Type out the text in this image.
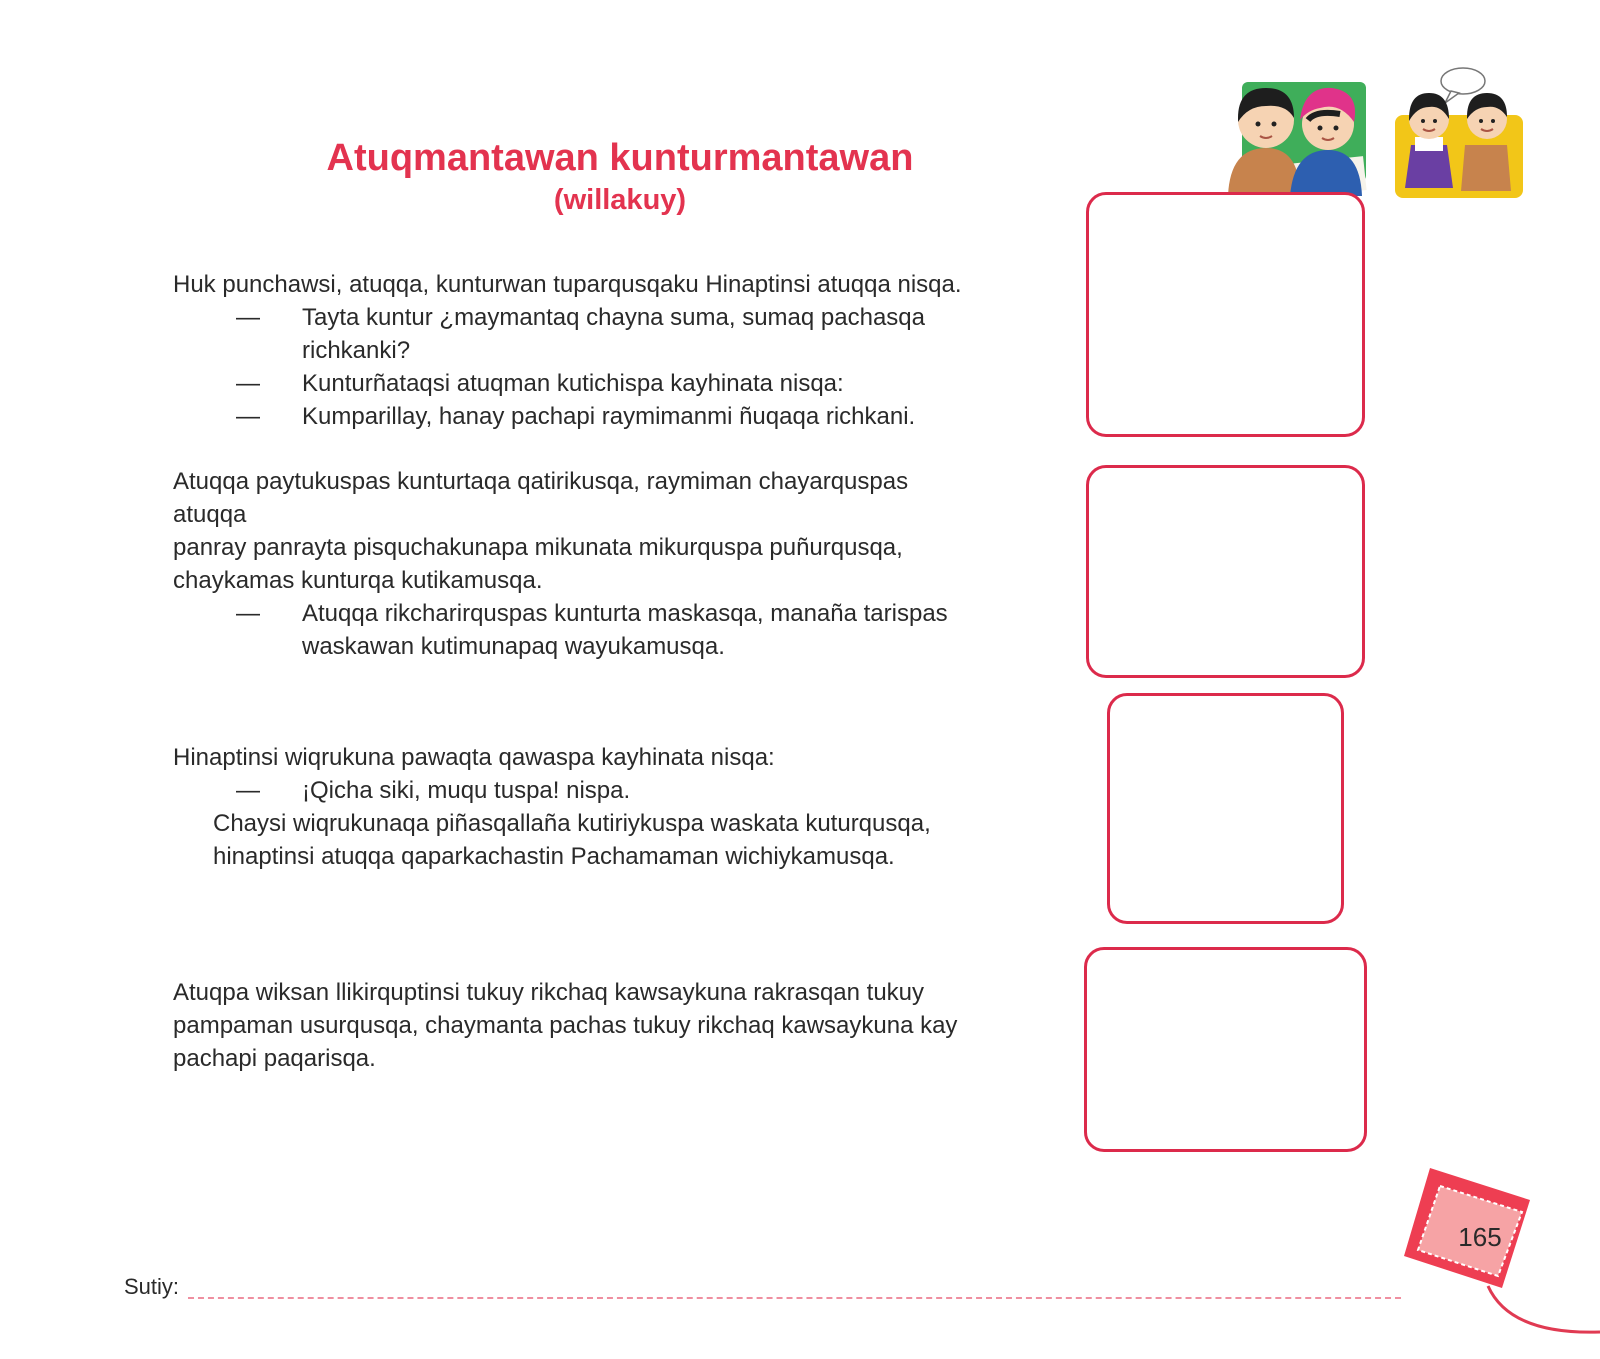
Atuqmantawan kunturmantawan
(willakuy)
Huk punchawsi, atuqqa, kunturwan tuparqusqaku Hinaptinsi atuqqa nisqa.
—	Tayta kuntur ¿maymantaq chayna suma, sumaq pachasqa
richkanki?
—	Kunturñataqsi atuqman kutichispa kayhinata nisqa:
—	Kumparillay, hanay pachapi raymimanmi ñuqaqa richkani.
Atuqqa paytukuspas kunturtaqa qatirikusqa, raymiman chayarquspas
atuqqa
panray panrayta pisquchakunapa mikunata mikurquspa puñurqusqa,
chaykamas kunturqa kutikamusqa.
—	Atuqqa rikcharirquspas kunturta maskasqa, manaña tarispas
waskawan kutimunapaq wayukamusqa.
Hinaptinsi wiqrukuna pawaqta qawaspa kayhinata nisqa:
—	¡Qicha siki, muqu tuspa! nispa.
Chaysi wiqrukunaqa piñasqallaña kutiriykuspa waskata kuturqusqa,
hinaptinsi atuqqa qaparkachastin Pachamaman wichiykamusqa.
Atuqpa wiksan llikirquptinsi tukuy rikchaq kawsaykuna rakrasqan tukuy
pampaman usurqusqa, chaymanta pachas tukuy rikchaq kawsaykuna kay
pachapi paqarisqa.
Sutiy:
165
